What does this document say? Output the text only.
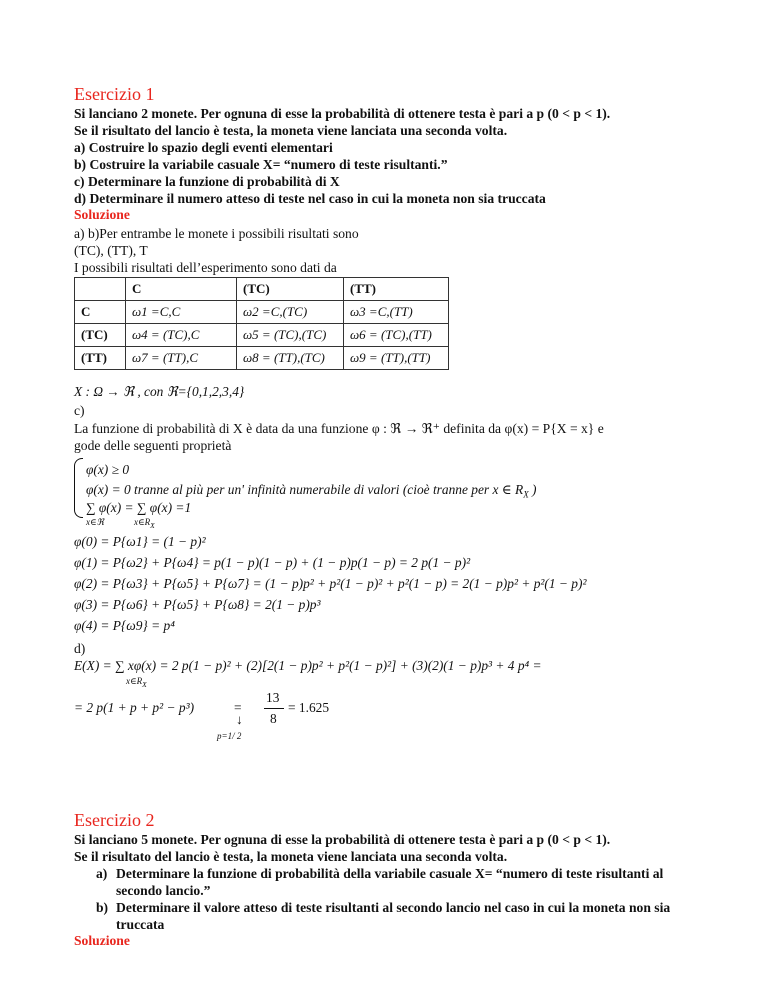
Esercizio 1
Si lanciano 2 monete. Per ognuna di esse la probabilità di ottenere testa è pari a p (0 < p < 1).
Se il risultato del lancio è testa, la moneta viene lanciata una seconda volta.
a) Costruire lo spazio degli eventi elementari
b) Costruire la variabile casuale X= “numero di teste risultanti.”
c) Determinare la funzione di probabilità di X
d) Determinare il numero atteso di teste nel caso in cui la moneta non sia truccata
Soluzione
a) b)Per entrambe le monete i possibili risultati sono
(TC), (TT), T
I possibili risultati dell’esperimento sono dati da
	C	(TC)	(TT)
C	ω1 =C,C	ω2 =C,(TC)	ω3 =C,(TT)
(TC)	ω4 = (TC),C	ω5 = (TC),(TC)	ω6 = (TC),(TT)
(TT)	ω7 = (TT),C	ω8 = (TT),(TC)	ω9 = (TT),(TT)
X : Ω → ℜ , con ℜ={0,1,2,3,4}
c)
La funzione di probabilità di X è data da una funzione φ : ℜ → ℜ⁺ definita da φ(x) = P{X = x} e
gode delle seguenti proprietà
φ(x) ≥ 0
φ(x) = 0 tranne al più per un' infinità numerabile di valori (cioè tranne per x ∈ $R_X$ )
∑ φ(x) = ∑ φ(x) =1
x∈ℜ	$x\in R_X$
φ(0) = P{ω1} = (1 − p)²
φ(1) = P{ω2} + P{ω4} = p(1 − p)(1 − p) + (1 − p)p(1 − p) = 2 p(1 − p)²
φ(2) = P{ω3} + P{ω5} + P{ω7} = (1 − p)p² + p²(1 − p)² + p²(1 − p) = 2(1 − p)p² + p²(1 − p)²
φ(3) = P{ω6} + P{ω5} + P{ω8} = 2(1 − p)p³
φ(4) = P{ω9} = p⁴
d)
E(X) = ∑ xφ(x) = 2 p(1 − p)² + (2)[2(1 − p)p² + p²(1 − p)²] + (3)(2)(1 − p)p³ + 4 p⁴ =
$x\in R_X$
= 2 p(1 + p + p² − p³)	=
↓
p=1/ 2
13
8
= 1.625
Esercizio 2
Si lanciano 5 monete. Per ognuna di esse la probabilità di ottenere testa è pari a p (0 < p < 1).
Se il risultato del lancio è testa, la moneta viene lanciata una seconda volta.
a) Determinare la funzione di probabilità della variabile casuale X= “numero di teste risultanti al secondo lancio.”
b) Determinare il valore atteso di teste risultanti al secondo lancio nel caso in cui la moneta non sia truccata
Soluzione
